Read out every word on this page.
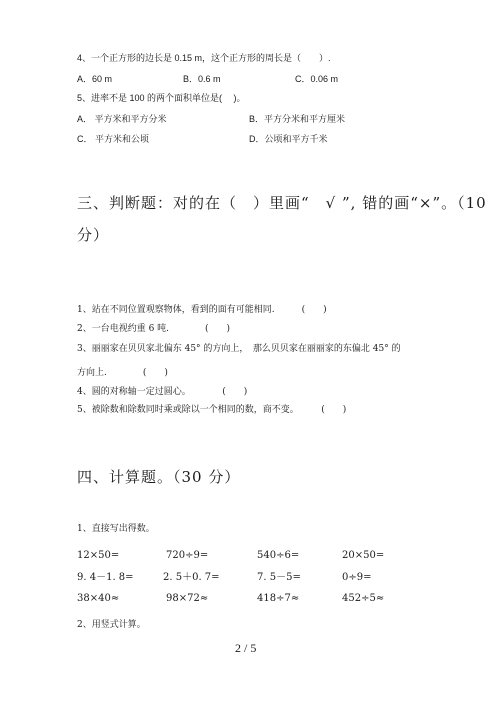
4、一个正方形的边长是 0.15 m，这个正方形的周长是（　　）.
A．60 m	B．0.6 m	C．0.06 m
5、进率不是 100 的两个面积单位是(　 )。
A． 平方米和平方分米	B．平方分米和平方厘米
C． 平方米和公顷	D．公顷和平方千米
三、判断题：对的在（　）里画“　√ ”, 错的画“×”。（10
分）
1、站在不同位置观察物体，看到的面有可能相同.　　　(　　)
2、一台电视约重 6 吨.　　　　(　　)
3、丽丽家在贝贝家北偏东 45° 的方向上，　那么贝贝家在丽丽家的东偏北 45° 的
方向上.　　　　(　　)
4、圆的对称轴一定过圆心。　　　　(　　)
5、被除数和除数同时乘或除以一个相同的数，商不变。　　　(　　)
四、计算题。（30 分）
1、直接写出得数。
12×50=	720÷9=	540÷6=	20×50=
9. 4－1. 8=	2. 5＋0. 7=	7. 5－5=	0÷9=
38×40≈	98×72≈	418÷7≈	452÷5≈
2、用竖式计算。
2 / 5
